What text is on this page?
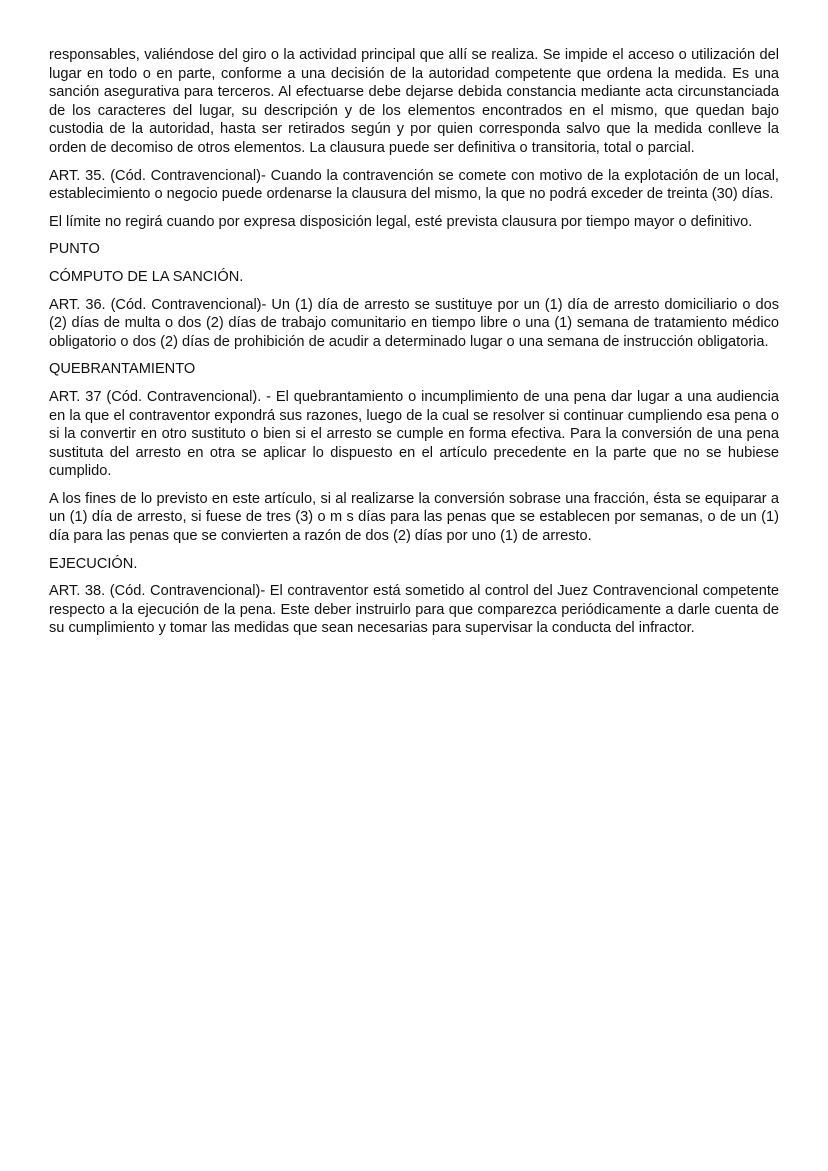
responsables, valiéndose del giro o la actividad principal que allí se realiza. Se impide el acceso o utilización del lugar en todo o en parte, conforme a una decisión de la autoridad competente que ordena la medida. Es una sanción asegurativa para terceros. Al efectuarse debe dejarse debida constancia mediante acta circunstanciada de los caracteres del lugar, su descripción y de los elementos encontrados en el mismo, que quedan bajo custodia de la autoridad, hasta ser retirados según y por quien corresponda salvo que la medida conlleve la orden de decomiso de otros elementos. La clausura puede ser definitiva o transitoria, total o parcial.

ART. 35. (Cód. Contravencional)- Cuando la contravención se comete con motivo de la explotación de un local, establecimiento o negocio puede ordenarse la clausura del mismo, la que no podrá exceder de treinta (30) días.

El límite no regirá cuando por expresa disposición legal, esté prevista clausura por tiempo mayor o definitivo.

PUNTO

CÓMPUTO DE LA SANCIÓN.

ART. 36. (Cód. Contravencional)- Un (1) día de arresto se sustituye por un (1) día de arresto domiciliario o dos (2) días de multa o dos (2) días de trabajo comunitario en tiempo libre o una (1) semana de tratamiento médico obligatorio o dos (2) días de prohibición de acudir a determinado lugar o una semana de instrucción obligatoria.

QUEBRANTAMIENTO

ART. 37 (Cód. Contravencional). - El quebrantamiento o incumplimiento de una pena dar lugar a una audiencia en la que el contraventor expondrá sus razones, luego de la cual se resolver si continuar cumpliendo esa pena o si la convertir en otro sustituto o bien si el arresto se cumple en forma efectiva. Para la conversión de una pena sustituta del arresto en otra se aplicar lo dispuesto en el artículo precedente en la parte que no se hubiese cumplido.

A los fines de lo previsto en este artículo, si al realizarse la conversión sobrase una fracción, ésta se equiparar a un (1) día de arresto, si fuese de tres (3) o m s días para las penas que se establecen por semanas, o de un (1) día para las penas que se convierten a razón de dos (2) días por uno (1) de arresto.

EJECUCIÓN.

ART. 38. (Cód. Contravencional)- El contraventor está sometido al control del Juez Contravencional competente respecto a la ejecución de la pena. Este deber instruirlo para que comparezca periódicamente a darle cuenta de su cumplimiento y tomar las medidas que sean necesarias para supervisar la conducta del infractor.
